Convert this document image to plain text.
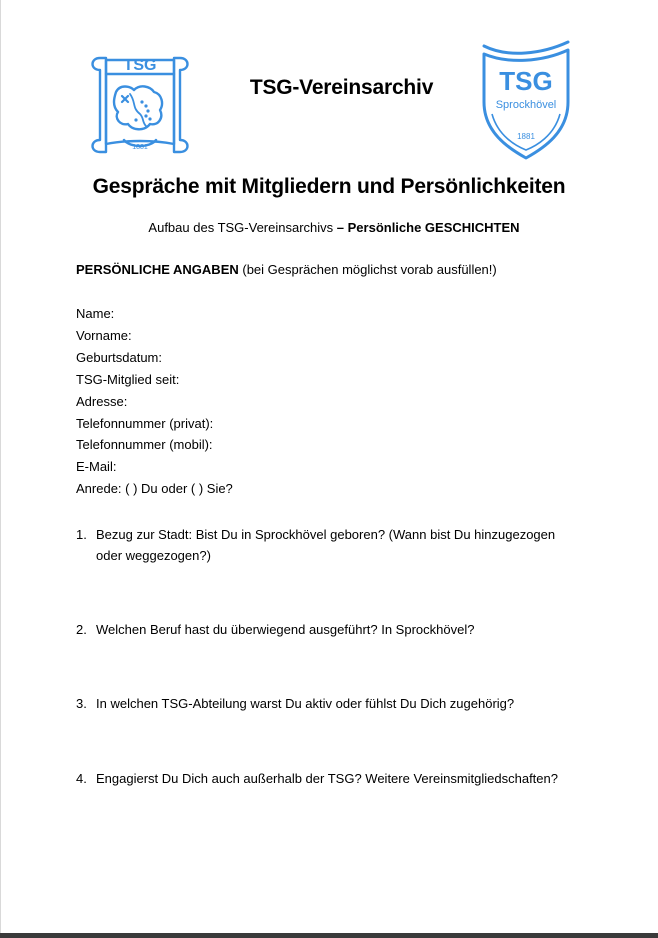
TSG
1881
TSG-Vereinsarchiv	TSG
Sprockhövel
1881
Gespräche mit Mitgliedern und Persönlichkeiten
Aufbau des TSG-Vereinsarchivs – Persönliche GESCHICHTEN
PERSÖNLICHE ANGABEN (bei Gesprächen möglichst vorab ausfüllen!)
Name:
Vorname:
Geburtsdatum:
TSG-Mitglied seit:
Adresse:
Telefonnummer (privat):
Telefonnummer (mobil):
E-Mail:
Anrede: ( ) Du oder ( ) Sie?
1. Bezug zur Stadt: Bist Du in Sprockhövel geboren? (Wann bist Du hinzugezogen oder weggezogen?)
2. Welchen Beruf hast du überwiegend ausgeführt? In Sprockhövel?
3. In welchen TSG-Abteilung warst Du aktiv oder fühlst Du Dich zugehörig?
4. Engagierst Du Dich auch außerhalb der TSG? Weitere Vereinsmitgliedschaften?
